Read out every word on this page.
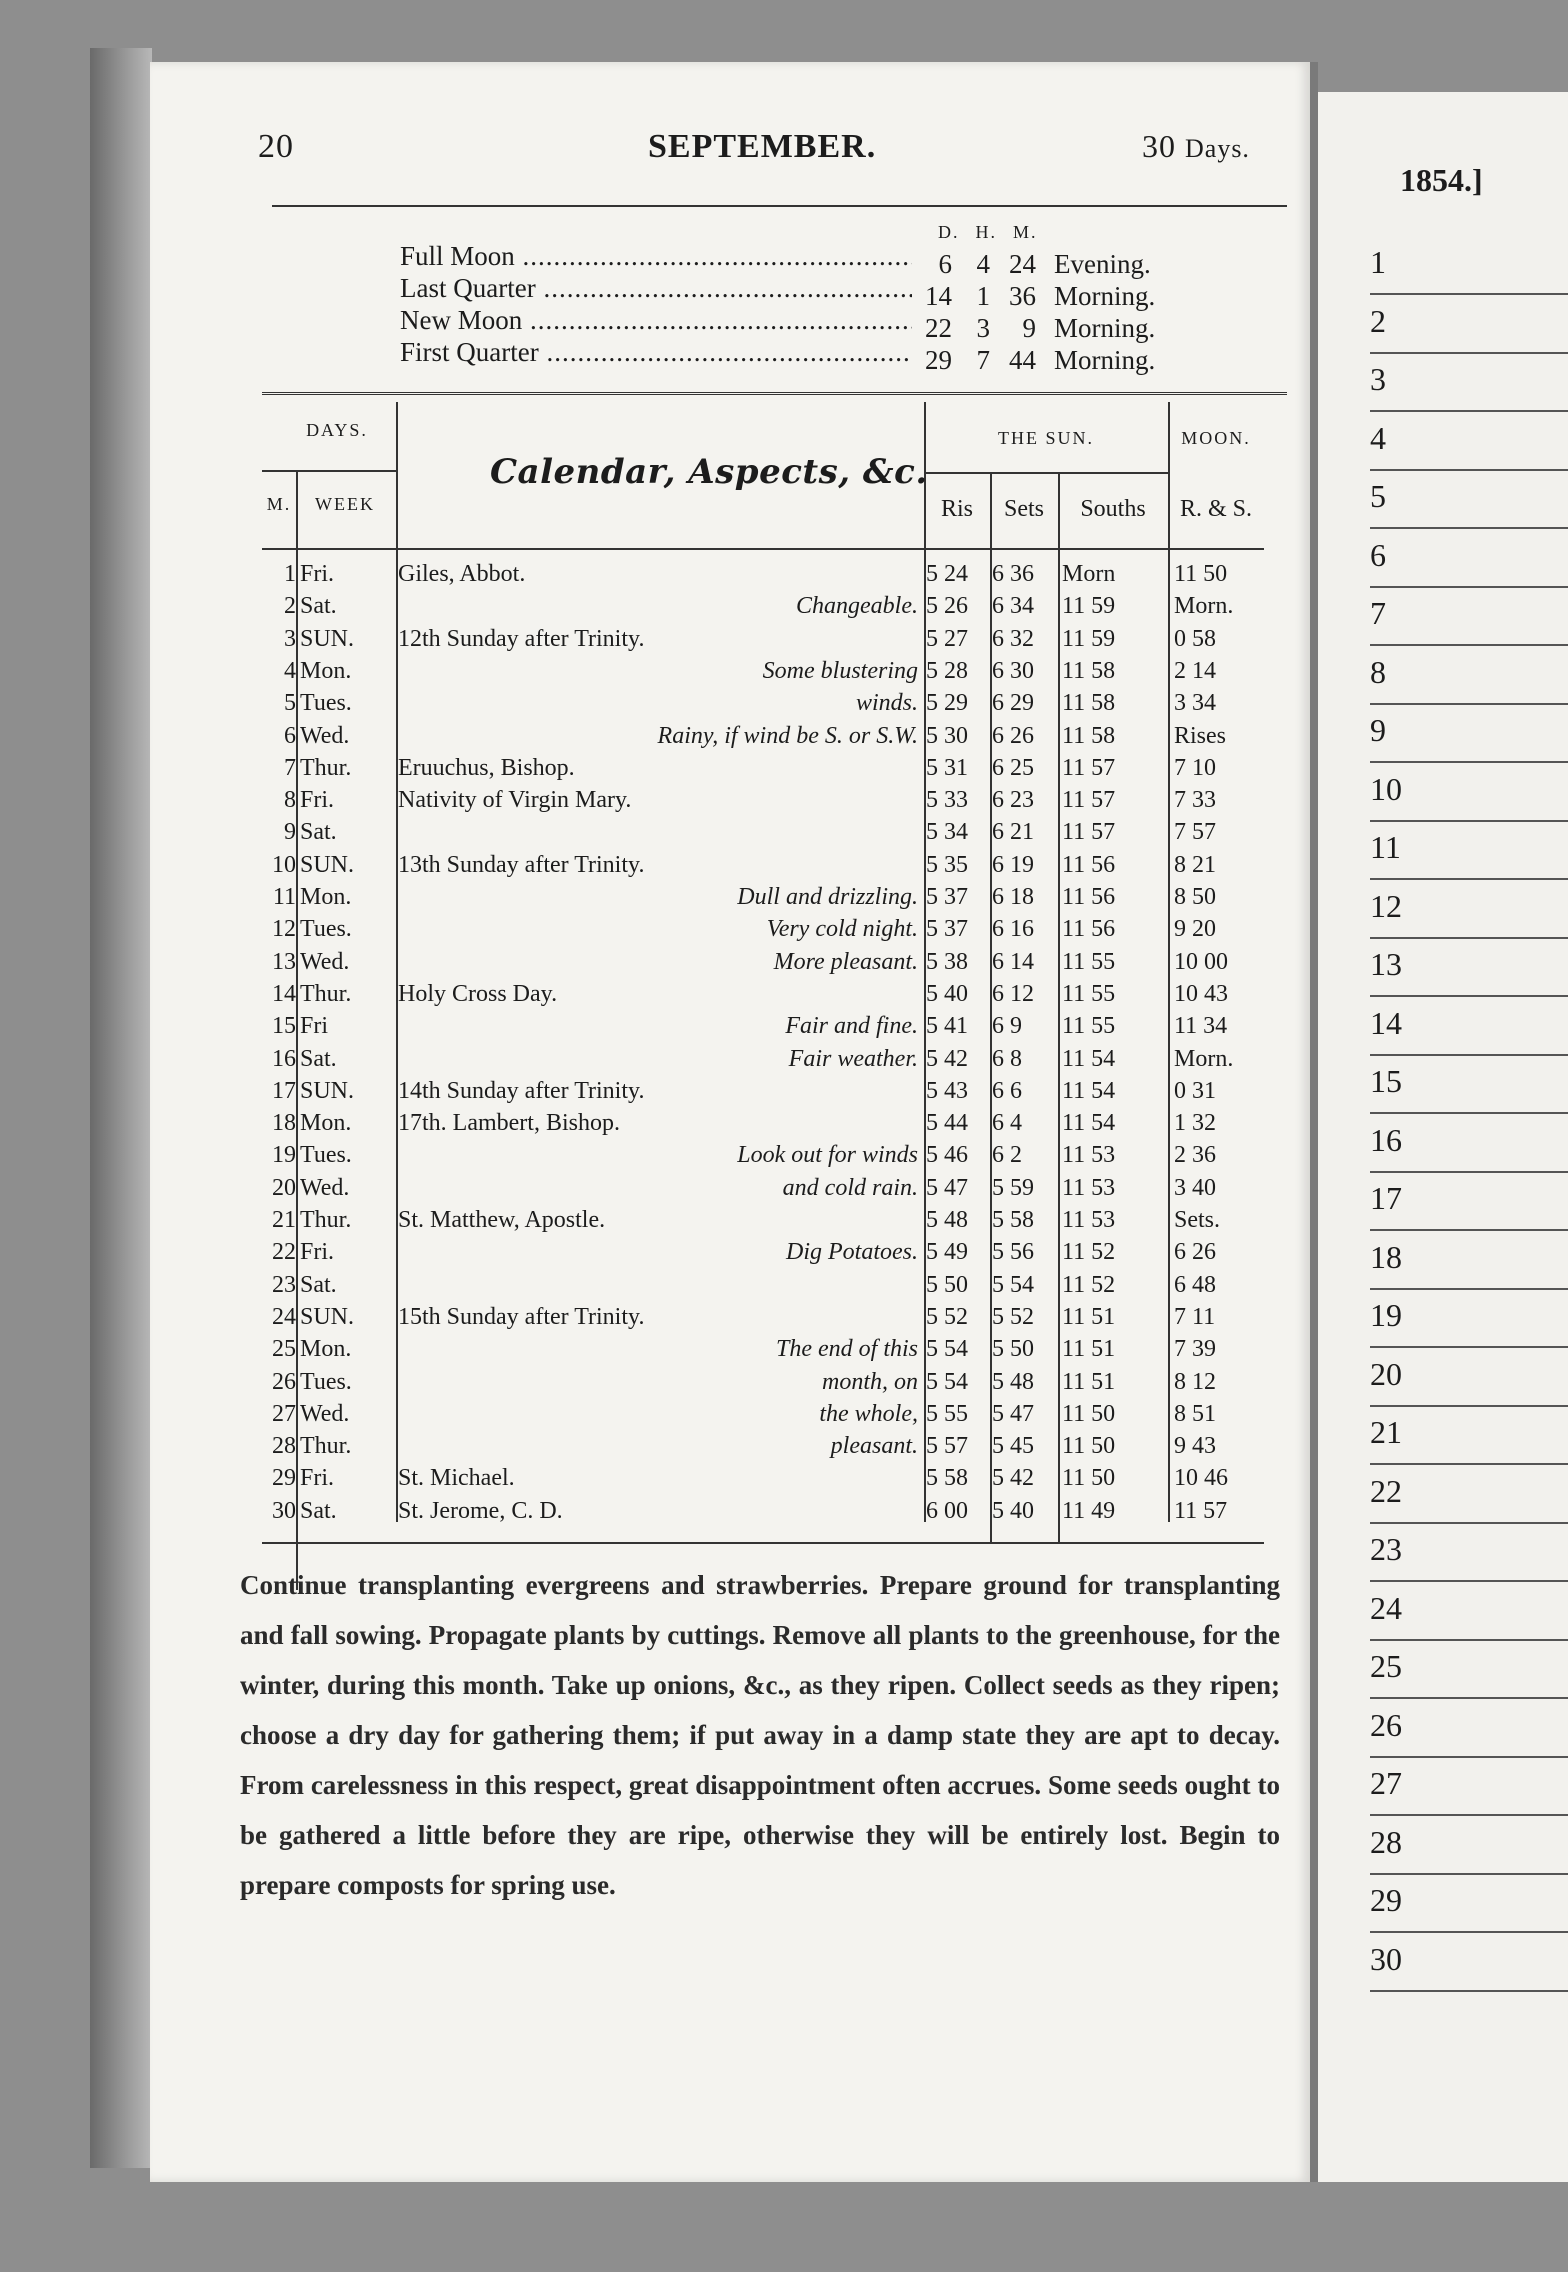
20	SEPTEMBER.	30 Days.
D. H. M.
Full Moon .....	6 4 24 Evening.
Last Quarter .....	14 1 36 Morning.
New Moon .....	22 3 9 Morning.
First Quarter .....	29 7 44 Morning.
DAYS.
M.	WEEK
Calendar, Aspects, &c.
THE SUN.
Ris	Sets	Souths
MOON.
R. & S.
1 Fri.	Giles, Abbot.	5 24	6 36	Morn	11 50
2 Sat.	Changeable. 5 26	6 34	11 59	Morn.
3 SUN.	12th Sunday after Trinity.	5 27	6 32	11 59	0 58
4 Mon.	Some blustering 5 28	6 30	11 58	2 14
5 Tues.	winds. 5 29	6 29	11 58	3 34
6 Wed.	Rainy, if wind be S. or S.W. 5 30	6 26	11 58	Rises
7 Thur.	Eruuchus, Bishop.	5 31	6 25	11 57	7 10
8 Fri.	Nativity of Virgin Mary.	5 33	6 23	11 57	7 33
9 Sat.	5 34	6 21	11 57	7 57
10 SUN.	13th Sunday after Trinity.	5 35	6 19	11 56	8 21
11 Mon.	Dull and drizzling. 5 37	6 18	11 56	8 50
12 Tues.	Very cold night. 5 37	6 16	11 56	9 20
13 Wed.	More pleasant. 5 38	6 14	11 55	10 00
14 Thur.	Holy Cross Day.	5 40	6 12	11 55	10 43
15 Fri	Fair and fine. 5 41	6 9	11 55	11 34
16 Sat.	Fair weather. 5 42	6 8	11 54	Morn.
17 SUN.	14th Sunday after Trinity.	5 43	6 6	11 54	0 31
18 Mon.	17th. Lambert, Bishop.	5 44	6 4	11 54	1 32
19 Tues.	Look out for winds 5 46	6 2	11 53	2 36
20 Wed.	and cold rain. 5 47	5 59	11 53	3 40
21 Thur.	St. Matthew, Apostle.	5 48	5 58	11 53	Sets.
22 Fri.	Dig Potatoes. 5 49	5 56	11 52	6 26
23 Sat.	5 50	5 54	11 52	6 48
24 SUN.	15th Sunday after Trinity.	5 52	5 52	11 51	7 11
25 Mon.	The end of this 5 54	5 50	11 51	7 39
26 Tues.	month, on 5 54	5 48	11 51	8 12
27 Wed.	the whole, 5 55	5 47	11 50	8 51
28 Thur.	pleasant. 5 57	5 45	11 50	9 43
29 Fri.	St. Michael.	5 58	5 42	11 50	10 46
30 Sat.	St. Jerome, C. D.	6 00	5 40	11 49	11 57
Continue transplanting evergreens and strawberries. Prepare ground for transplanting and fall sowing. Propagate plants by cuttings. Remove all plants to the greenhouse, for the winter, during this month. Take up onions, &c., as they ripen. Collect seeds as they ripen; choose a dry day for gathering them; if put away in a damp state they are apt to decay. From carelessness in this respect, great disappointment often accrues. Some seeds ought to be gathered a little before they are ripe, otherwise they will be entirely lost. Begin to prepare composts for spring use.
1854.]
1
2
3
4
5
6
7
8
9
10
11
12
13
14
15
16
17
18
19
20
21
22
23
24
25
26
27
28
29
30
